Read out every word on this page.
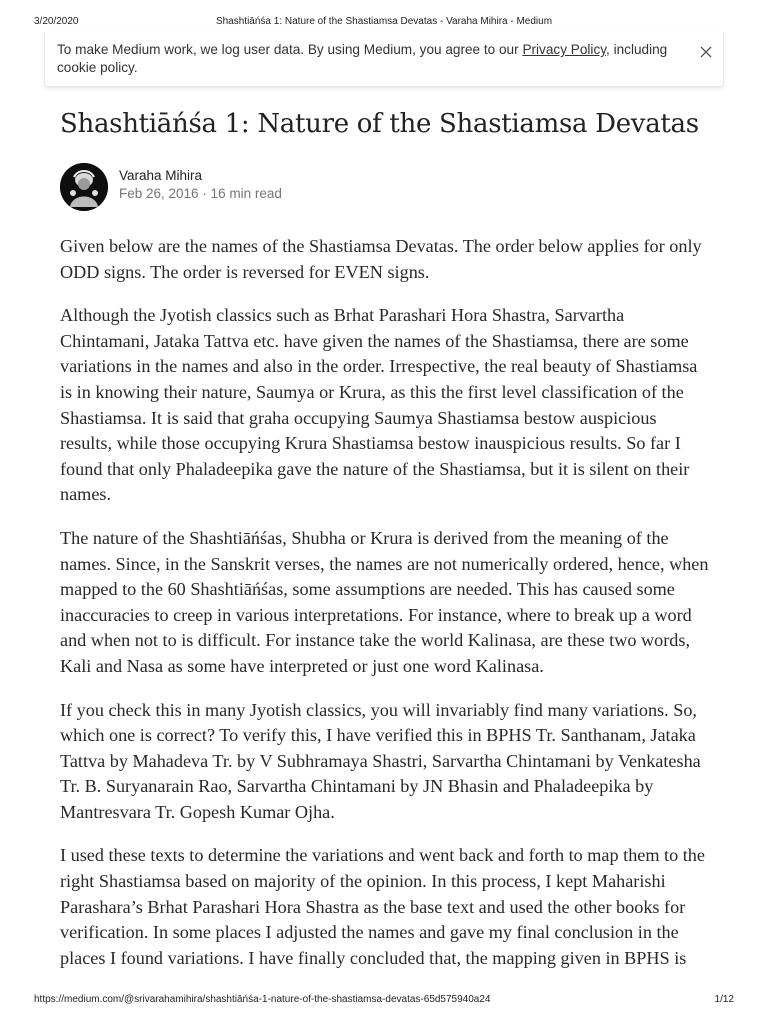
3/20/2020	Shashtiāńśa 1: Nature of the Shastiamsa Devatas - Varaha Mihira - Medium
To make Medium work, we log user data. By using Medium, you agree to our Privacy Policy, including cookie policy.
Shashtiāńśa 1: Nature of the Shastiamsa Devatas
Varaha Mihira
Feb 26, 2016 · 16 min read

Given below are the names of the Shastiamsa Devatas. The order below applies for only ODD signs. The order is reversed for EVEN signs.

Although the Jyotish classics such as Brhat Parashari Hora Shastra, Sarvartha Chintamani, Jataka Tattva etc. have given the names of the Shastiamsa, there are some variations in the names and also in the order. Irrespective, the real beauty of Shastiamsa is in knowing their nature, Saumya or Krura, as this the first level classification of the Shastiamsa. It is said that graha occupying Saumya Shastiamsa bestow auspicious results, while those occupying Krura Shastiamsa bestow inauspicious results. So far I found that only Phaladeepika gave the nature of the Shastiamsa, but it is silent on their names.

The nature of the Shashtiāńśas, Shubha or Krura is derived from the meaning of the names. Since, in the Sanskrit verses, the names are not numerically ordered, hence, when mapped to the 60 Shashtiāńśas, some assumptions are needed. This has caused some inaccuracies to creep in various interpretations. For instance, where to break up a word and when not to is difficult. For instance take the world Kalinasa, are these two words, Kali and Nasa as some have interpreted or just one word Kalinasa.

If you check this in many Jyotish classics, you will invariably find many variations. So, which one is correct? To verify this, I have verified this in BPHS Tr. Santhanam, Jataka Tattva by Mahadeva Tr. by V Subhramaya Shastri, Sarvartha Chintamani by Venkatesha Tr. B. Suryanarain Rao, Sarvartha Chintamani by JN Bhasin and Phaladeepika by Mantresvara Tr. Gopesh Kumar Ojha.

I used these texts to determine the variations and went back and forth to map them to the right Shastiamsa based on majority of the opinion. In this process, I kept Maharishi Parashara’s Brhat Parashari Hora Shastra as the base text and used the other books for verification. In some places I adjusted the names and gave my final conclusion in the places I found variations. I have finally concluded that, the mapping given in BPHS is

https://medium.com/@srivarahamihira/shashtiāńśa-1-nature-of-the-shastiamsa-devatas-65d575940a24	1/12
